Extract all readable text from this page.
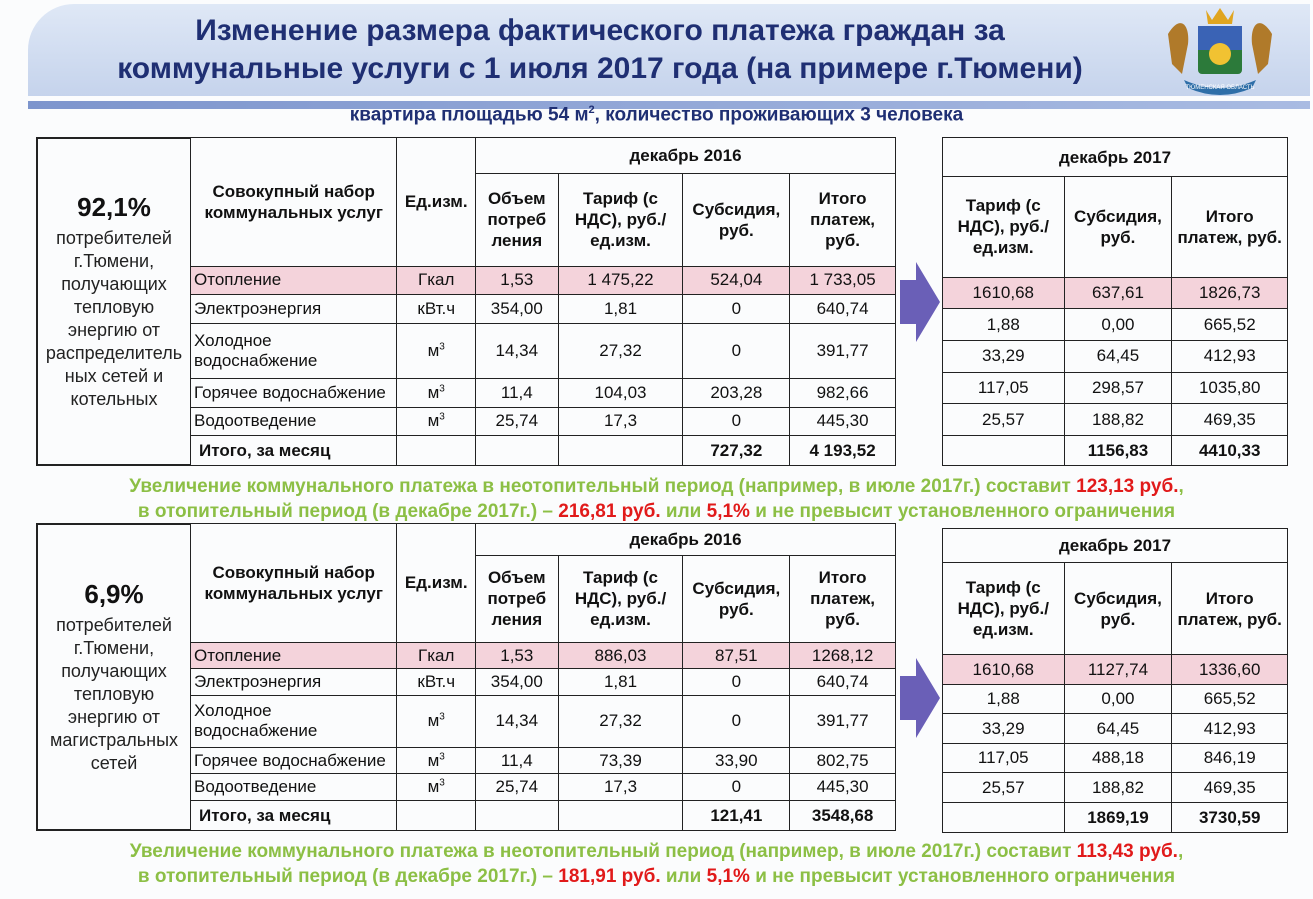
Изменение размера фактического платежа граждан за
коммунальные услуги с 1 июля 2017 года (на примере г.Тюмени)
ТЮМЕНСКАЯ ОБЛАСТЬ
квартира площадью 54 $м^2$, количество проживающих 3 человека
92,1%
потребителей г.Тюмени, получающих тепловую энергию от распределитель ных сетей и котельных
Совокупный набор коммунальных услуг	Ед.изм.	декабрь 2016			
		Объем потреб ления	Тариф (с НДС), руб./ед.изм.	Субсидия, руб.	Итого платеж, руб.
Отопление	Гкал	1,53	1 475,22	524,04	1 733,05
Электроэнергия	кВт.ч	354,00	1,81	0	640,74
Холодное водоснабжение	$м^3$	14,34	27,32	0	391,77
Горячее водоснабжение	$м^3$	11,4	104,03	203,28	982,66
Водоотведение	$м^3$	25,74	17,3	0	445,30
Итого, за месяц				727,32	4 193,52
декабрь 2017		
Тариф (с НДС), руб./ед.изм.	Субсидия, руб.	Итого платеж, руб.
1610,68	637,61	1826,73
1,88	0,00	665,52
33,29	64,45	412,93
117,05	298,57	1035,80
25,57	188,82	469,35
	1156,83	4410,33
Увеличение коммунального платежа в неотопительный период (например, в июле 2017г.) составит 123,13 руб.,
в отопительный период (в декабре 2017г.) – 216,81 руб. или 5,1% и не превысит установленного ограничения
6,9%
потребителей г.Тюмени, получающих тепловую энергию от магистральных сетей
Совокупный набор коммунальных услуг	Ед.изм.	декабрь 2016			
		Объем потреб ления	Тариф (с НДС), руб./ед.изм.	Субсидия, руб.	Итого платеж, руб.
Отопление	Гкал	1,53	886,03	87,51	1268,12
Электроэнергия	кВт.ч	354,00	1,81	0	640,74
Холодное водоснабжение	$м^3$	14,34	27,32	0	391,77
Горячее водоснабжение	$м^3$	11,4	73,39	33,90	802,75
Водоотведение	$м^3$	25,74	17,3	0	445,30
Итого, за месяц				121,41	3548,68
декабрь 2017		
Тариф (с НДС), руб./ед.изм.	Субсидия, руб.	Итого платеж, руб.
1610,68	1127,74	1336,60
1,88	0,00	665,52
33,29	64,45	412,93
117,05	488,18	846,19
25,57	188,82	469,35
	1869,19	3730,59
Увеличение коммунального платежа в неотопительный период (например, в июле 2017г.) составит 113,43 руб.,
в отопительный период (в декабре 2017г.) – 181,91 руб. или 5,1% и не превысит установленного ограничения
